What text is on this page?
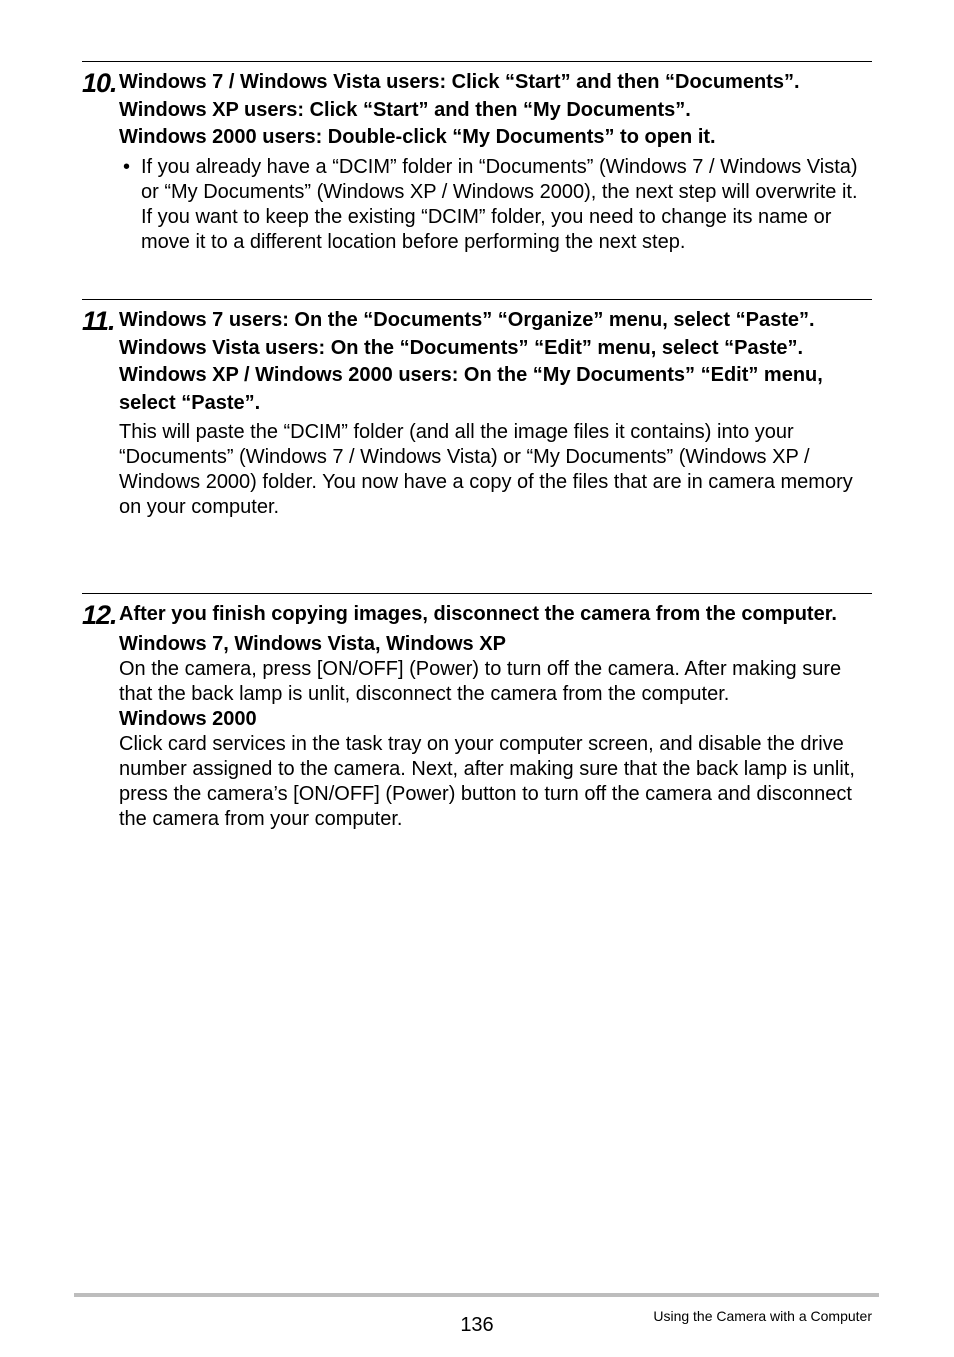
10. Windows 7 / Windows Vista users: Click “Start” and then “Documents”.

Windows XP users: Click “Start” and then “My Documents”.

Windows 2000 users: Double-click “My Documents” to open it.

• If you already have a “DCIM” folder in “Documents” (Windows 7 / Windows Vista) or “My Documents” (Windows XP / Windows 2000), the next step will overwrite it. If you want to keep the existing “DCIM” folder, you need to change its name or move it to a different location before performing the next step.

11. Windows 7 users: On the “Documents” “Organize” menu, select “Paste”.

Windows Vista users: On the “Documents” “Edit” menu, select “Paste”.

Windows XP / Windows 2000 users: On the “My Documents” “Edit” menu, select “Paste”.

This will paste the “DCIM” folder (and all the image files it contains) into your “Documents” (Windows 7 / Windows Vista) or “My Documents” (Windows XP / Windows 2000) folder. You now have a copy of the files that are in camera memory on your computer.

12. After you finish copying images, disconnect the camera from the computer.

Windows 7, Windows Vista, Windows XP

On the camera, press [ON/OFF] (Power) to turn off the camera. After making sure that the back lamp is unlit, disconnect the camera from the computer.

Windows 2000

Click card services in the task tray on your computer screen, and disable the drive number assigned to the camera. Next, after making sure that the back lamp is unlit, press the camera’s [ON/OFF] (Power) button to turn off the camera and disconnect the camera from your computer.

136	Using the Camera with a Computer
